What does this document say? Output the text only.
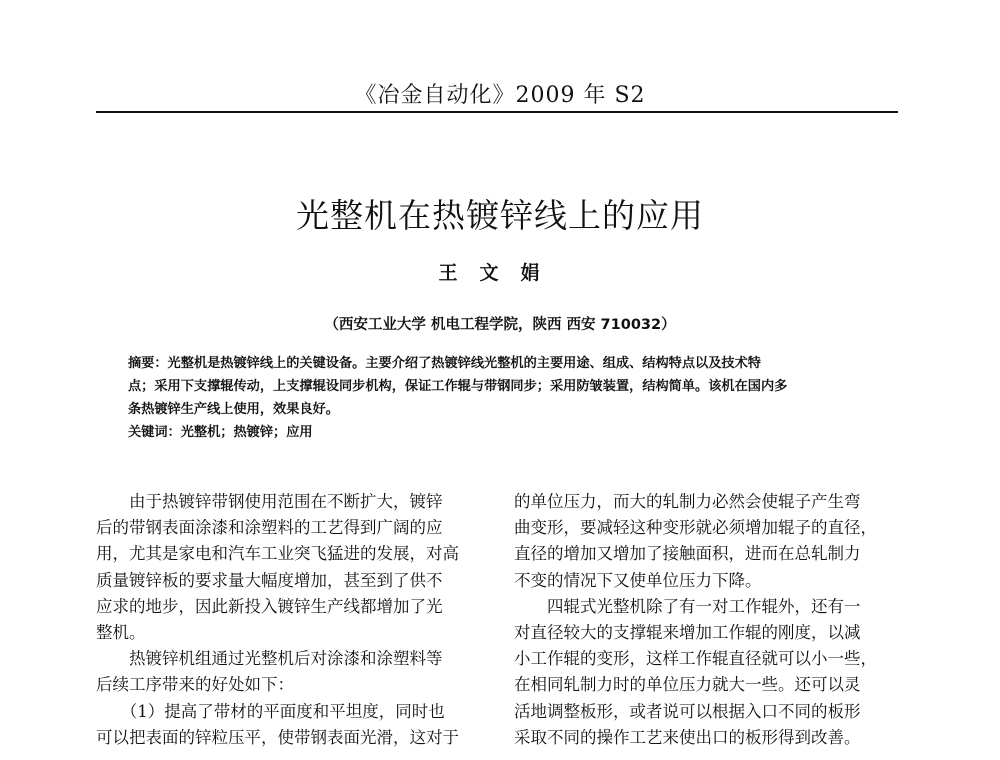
《冶金自动化》2009 年 S2
光整机在热镀锌线上的应用
王文娟
（西安工业大学 机电工程学院，陕西 西安 710032）
摘要：光整机是热镀锌线上的关键设备。主要介绍了热镀锌线光整机的主要用途、组成、结构特点以及技术特
点；采用下支撑辊传动，上支撑辊设同步机构，保证工作辊与带钢同步；采用防皱装置，结构简单。该机在国内多
条热镀锌生产线上使用，效果良好。
关键词：光整机；热镀锌；应用
　　由于热镀锌带钢使用范围在不断扩大，镀锌
后的带钢表面涂漆和涂塑料的工艺得到广阔的应
用，尤其是家电和汽车工业突飞猛进的发展，对高
质量镀锌板的要求量大幅度增加，甚至到了供不
应求的地步，因此新投入镀锌生产线都增加了光
整机。
　　热镀锌机组通过光整机后对涂漆和涂塑料等
后续工序带来的好处如下：
　　（1）提高了带材的平面度和平坦度，同时也
可以把表面的锌粒压平，使带钢表面光滑，这对于
的单位压力，而大的轧制力必然会使辊子产生弯
曲变形，要减轻这种变形就必须增加辊子的直径，
直径的增加又增加了接触面积，进而在总轧制力
不变的情况下又使单位压力下降。
　　四辊式光整机除了有一对工作辊外，还有一
对直径较大的支撑辊来增加工作辊的刚度，以减
小工作辊的变形，这样工作辊直径就可以小一些，
在相同轧制力时的单位压力就大一些。还可以灵
活地调整板形，或者说可以根据入口不同的板形
采取不同的操作工艺来使出口的板形得到改善。
